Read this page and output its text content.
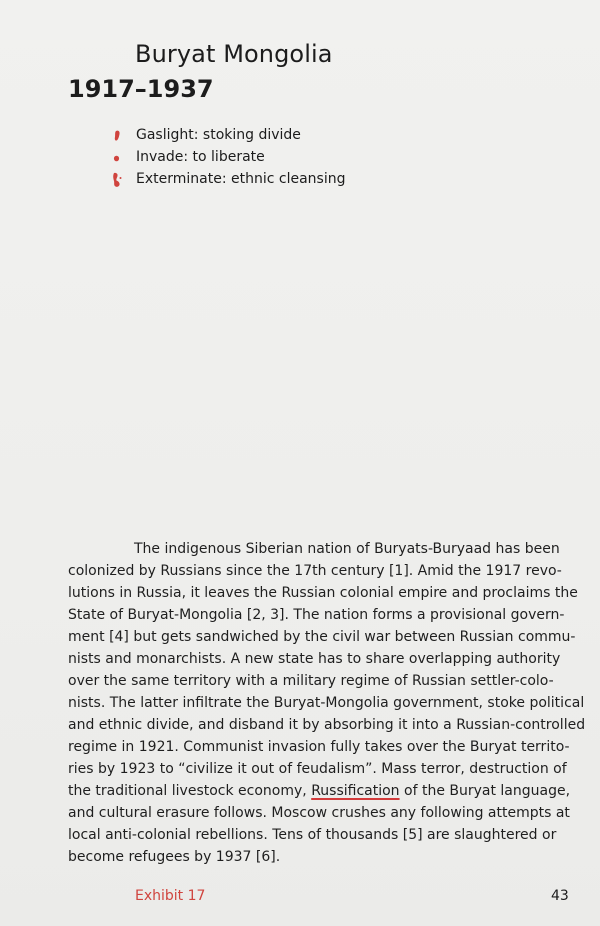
Buryat Mongolia
1917–1937
Gaslight: stoking divide
Invade: to liberate
Exterminate: ethnic cleansing

The indigenous Siberian nation of Buryats-Buryaad has been
colonized by Russians since the 17th century [1]. Amid the 1917 revo-
lutions in Russia, it leaves the Russian colonial empire and proclaims the
State of Buryat-Mongolia [2, 3]. The nation forms a provisional govern-
ment [4] but gets sandwiched by the civil war between Russian commu-
nists and monarchists. A new state has to share overlapping authority
over the same territory with a military regime of Russian settler-colo-
nists. The latter infiltrate the Buryat-Mongolia government, stoke political
and ethnic divide, and disband it by absorbing it into a Russian-controlled
regime in 1921. Communist invasion fully takes over the Buryat territo-
ries by 1923 to “civilize it out of feudalism”. Mass terror, destruction of
the traditional livestock economy, Russification of the Buryat language,
and cultural erasure follows. Moscow crushes any following attempts at
local anti-colonial rebellions. Tens of thousands [5] are slaughtered or
become refugees by 1937 [6].

Exhibit 17	43
